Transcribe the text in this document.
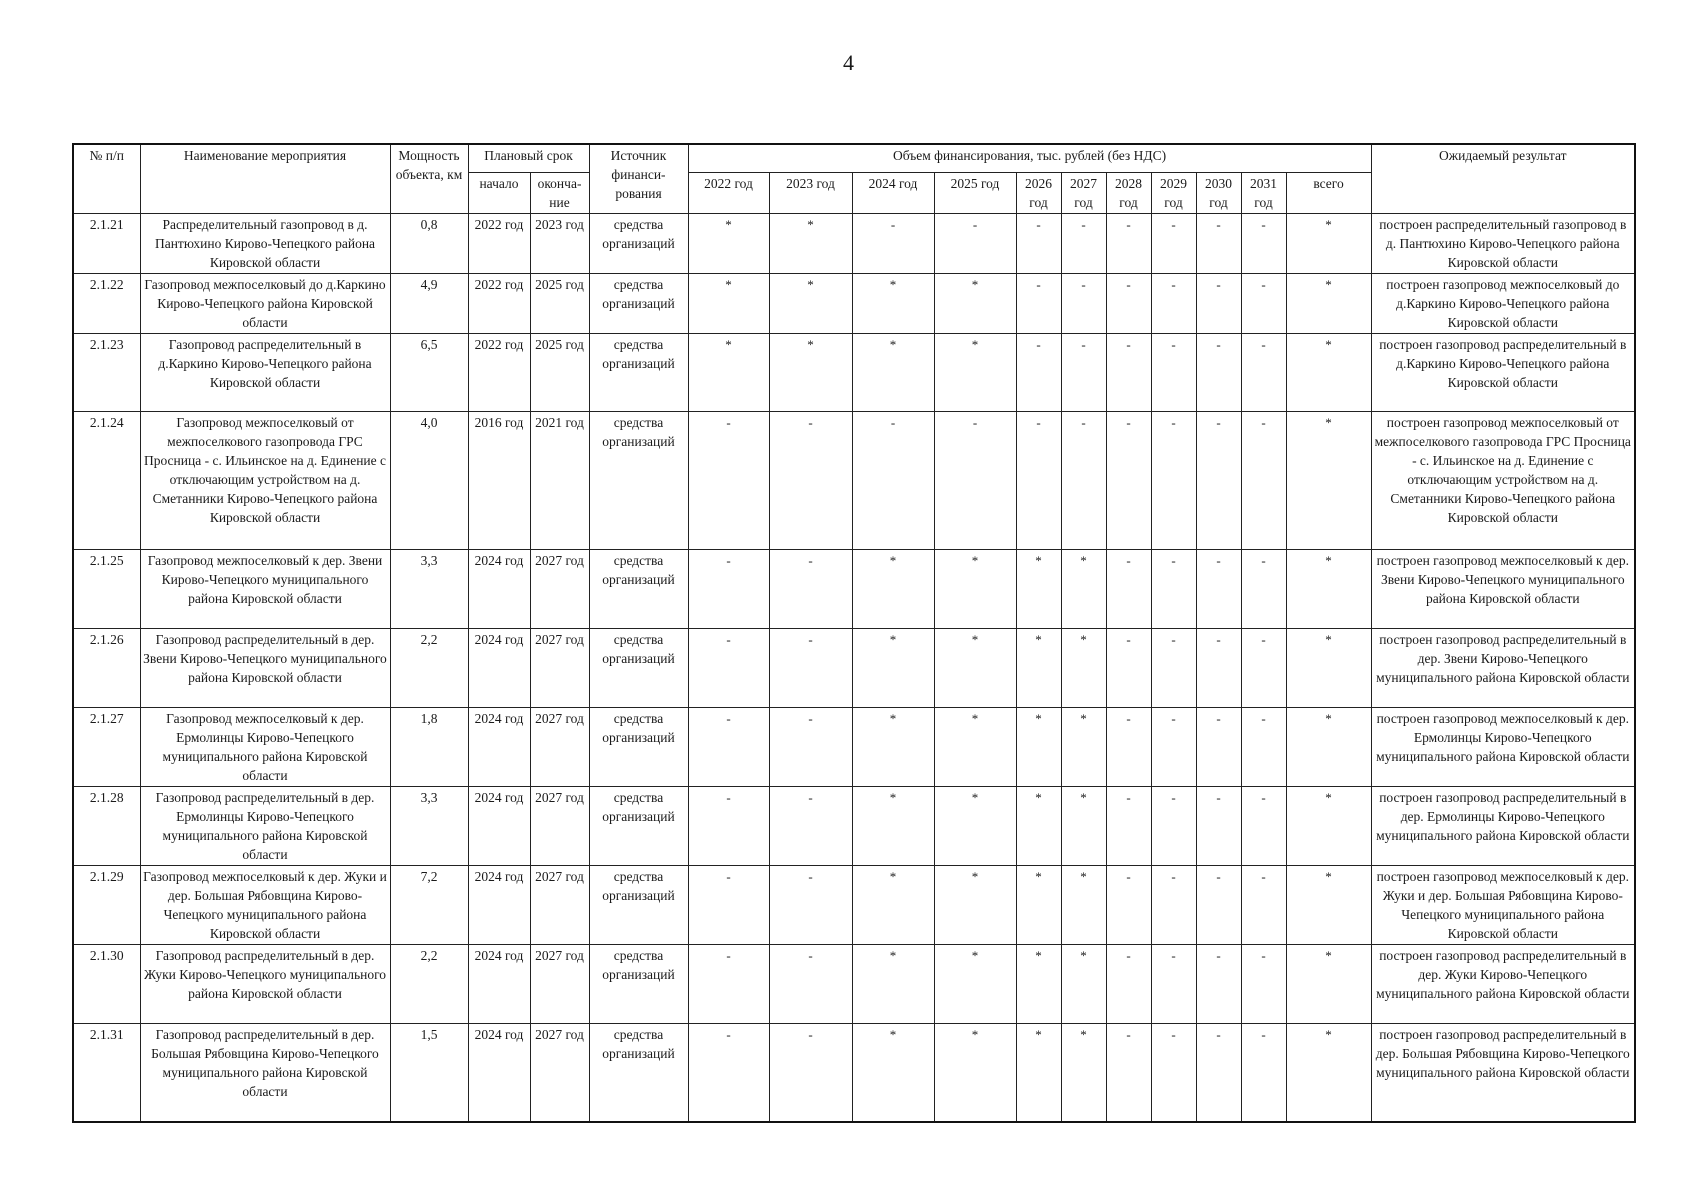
4
№ п/п	Наименование мероприятия	Мощность объекта, км	Плановый срок		Источник финанси-рования	Объем финансирования, тыс. рублей (без НДС)											Ожидаемый результат
			начало	оконча-ние		2022 год	2023 год	2024 год	2025 год	2026 год	2027 год	2028 год	2029 год	2030 год	2031 год	всего	
2.1.21	Распределительный газопровод в д. Пантюхино Кирово-Чепецкого района Кировской области	0,8	2022 год	2023 год	средства организаций	*	*	-	-	-	-	-	-	-	-	*	построен распределительный газопровод в д. Пантюхино Кирово-Чепецкого района Кировской области
2.1.22	Газопровод межпоселковый до д.Каркино Кирово-Чепецкого района Кировской области	4,9	2022 год	2025 год	средства организаций	*	*	*	*	-	-	-	-	-	-	*	построен газопровод межпоселковый до д.Каркино Кирово-Чепецкого района Кировской области
2.1.23	Газопровод распределительный в д.Каркино Кирово-Чепецкого района Кировской области	6,5	2022 год	2025 год	средства организаций	*	*	*	*	-	-	-	-	-	-	*	построен газопровод распределительный в д.Каркино Кирово-Чепецкого района Кировской области
2.1.24	Газопровод межпоселковый от межпоселкового газопровода ГРС Просница - с. Ильинское на д. Единение с отключающим устройством на д. Сметанники Кирово-Чепецкого района Кировской области	4,0	2016 год	2021 год	средства организаций	-	-	-	-	-	-	-	-	-	-	*	построен газопровод межпоселковый от межпоселкового газопровода ГРС Просница - с. Ильинское на д. Единение с отключающим устройством на д. Сметанники Кирово-Чепецкого района Кировской области
2.1.25	Газопровод межпоселковый к дер. Звени Кирово-Чепецкого муниципального района Кировской области	3,3	2024 год	2027 год	средства организаций	-	-	*	*	*	*	-	-	-	-	*	построен газопровод межпоселковый к дер. Звени Кирово-Чепецкого муниципального района Кировской области
2.1.26	Газопровод распределительный в дер. Звени Кирово-Чепецкого муниципального района Кировской области	2,2	2024 год	2027 год	средства организаций	-	-	*	*	*	*	-	-	-	-	*	построен газопровод распределительный в дер. Звени Кирово-Чепецкого муниципального района Кировской области
2.1.27	Газопровод межпоселковый к дер. Ермолинцы Кирово-Чепецкого муниципального района Кировской области	1,8	2024 год	2027 год	средства организаций	-	-	*	*	*	*	-	-	-	-	*	построен газопровод межпоселковый к дер. Ермолинцы Кирово-Чепецкого муниципального района Кировской области
2.1.28	Газопровод распределительный в дер. Ермолинцы Кирово-Чепецкого муниципального района Кировской области	3,3	2024 год	2027 год	средства организаций	-	-	*	*	*	*	-	-	-	-	*	построен газопровод распределительный в дер. Ермолинцы Кирово-Чепецкого муниципального района Кировской области
2.1.29	Газопровод межпоселковый к дер. Жуки и дер. Большая Рябовщина Кирово-Чепецкого муниципального района Кировской области	7,2	2024 год	2027 год	средства организаций	-	-	*	*	*	*	-	-	-	-	*	построен газопровод межпоселковый к дер. Жуки и дер. Большая Рябовщина Кирово-Чепецкого муниципального района Кировской области
2.1.30	Газопровод распределительный в дер. Жуки Кирово-Чепецкого муниципального района Кировской области	2,2	2024 год	2027 год	средства организаций	-	-	*	*	*	*	-	-	-	-	*	построен газопровод распределительный в дер. Жуки Кирово-Чепецкого муниципального района Кировской области
2.1.31	Газопровод распределительный в дер. Большая Рябовщина Кирово-Чепецкого муниципального района Кировской области	1,5	2024 год	2027 год	средства организаций	-	-	*	*	*	*	-	-	-	-	*	построен газопровод распределительный в дер. Большая Рябовщина Кирово-Чепецкого муниципального района Кировской области
